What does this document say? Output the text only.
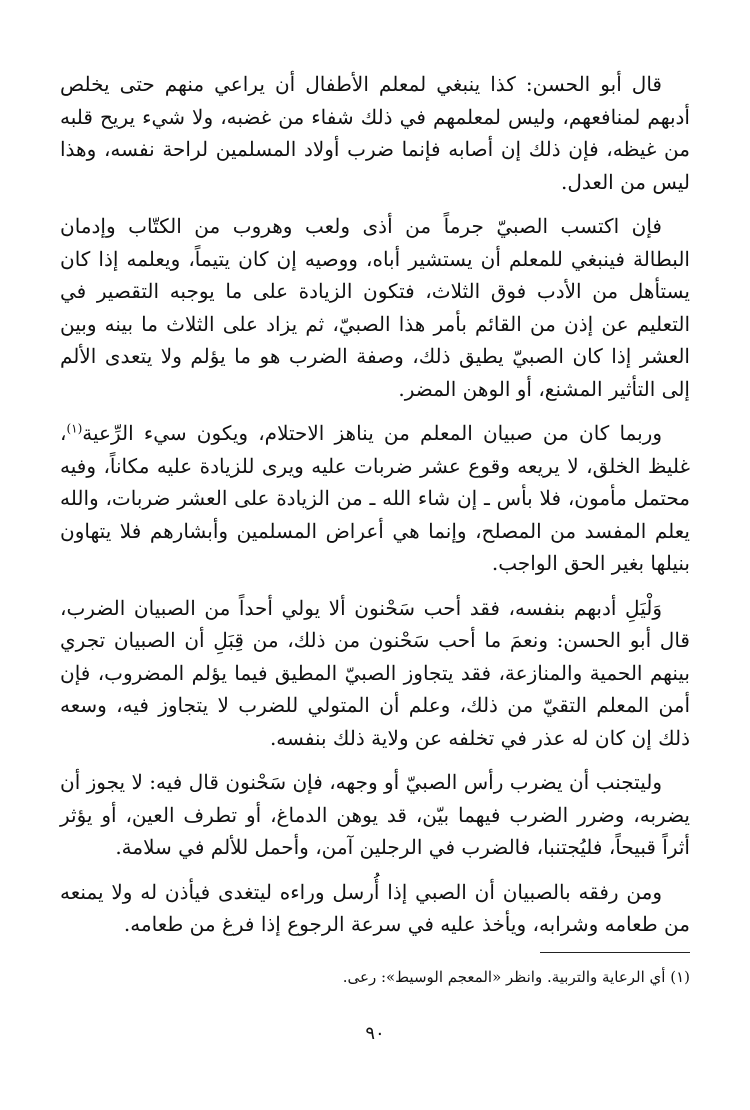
قال أبو الحسن: كذا ينبغي لمعلم الأطفال أن يراعي منهم حتى يخلص أدبهم لمنافعهم، وليس لمعلمهم في ذلك شفاء من غضبه، ولا شيء يريح قلبه من غيظه، فإن ذلك إن أصابه فإنما ضرب أولاد المسلمين لراحة نفسه، وهذا ليس من العدل.

فإن اكتسب الصبيّ جرماً من أذى ولعب وهروب من الكتّاب وإدمان البطالة فينبغي للمعلم أن يستشير أباه، ووصيه إن كان يتيماً، ويعلمه إذا كان يستأهل من الأدب فوق الثلاث، فتكون الزيادة على ما يوجبه التقصير في التعليم عن إذن من القائم بأمر هذا الصبيّ، ثم يزاد على الثلاث ما بينه وبين العشر إذا كان الصبيّ يطيق ذلك، وصفة الضرب هو ما يؤلم ولا يتعدى الألم إلى التأثير المشنع، أو الوهن المضر.

وربما كان من صبيان المعلم من يناهز الاحتلام، ويكون سيء الرِّعية$^{(١)}$، غليظ الخلق، لا يريعه وقوع عشر ضربات عليه ويرى للزيادة عليه مكاناً، وفيه محتمل مأمون، فلا بأس ـ إن شاء الله ـ من الزيادة على العشر ضربات، والله يعلم المفسد من المصلح، وإنما هي أعراض المسلمين وأبشارهم فلا يتهاون بنيلها بغير الحق الواجب.

وَلْيَلِ أدبهم بنفسه، فقد أحب سَحْنون ألا يولي أحداً من الصبيان الضرب، قال أبو الحسن: ونعمَ ما أحب سَحْنون من ذلك، من قِبَلِ أن الصبيان تجري بينهم الحمية والمنازعة، فقد يتجاوز الصبيّ المطيق فيما يؤلم المضروب، فإن أمن المعلم التقيّ من ذلك، وعلم أن المتولي للضرب لا يتجاوز فيه، وسعه ذلك إن كان له عذر في تخلفه عن ولاية ذلك بنفسه.

وليتجنب أن يضرب رأس الصبيّ أو وجهه، فإن سَحْنون قال فيه: لا يجوز أن يضربه، وضرر الضرب فيهما بيّن، قد يوهن الدماغ، أو تطرف العين، أو يؤثر أثراً قبيحاً، فليُجتنبا، فالضرب في الرجلين آمن، وأحمل للألم في سلامة.

ومن رفقه بالصبيان أن الصبي إذا أُرسل وراءه ليتغدى فيأذن له ولا يمنعه من طعامه وشرابه، ويأخذ عليه في سرعة الرجوع إذا فرغ من طعامه.

(١) أي الرعاية والتربية. وانظر «المعجم الوسيط»: رعى.

٩٠
